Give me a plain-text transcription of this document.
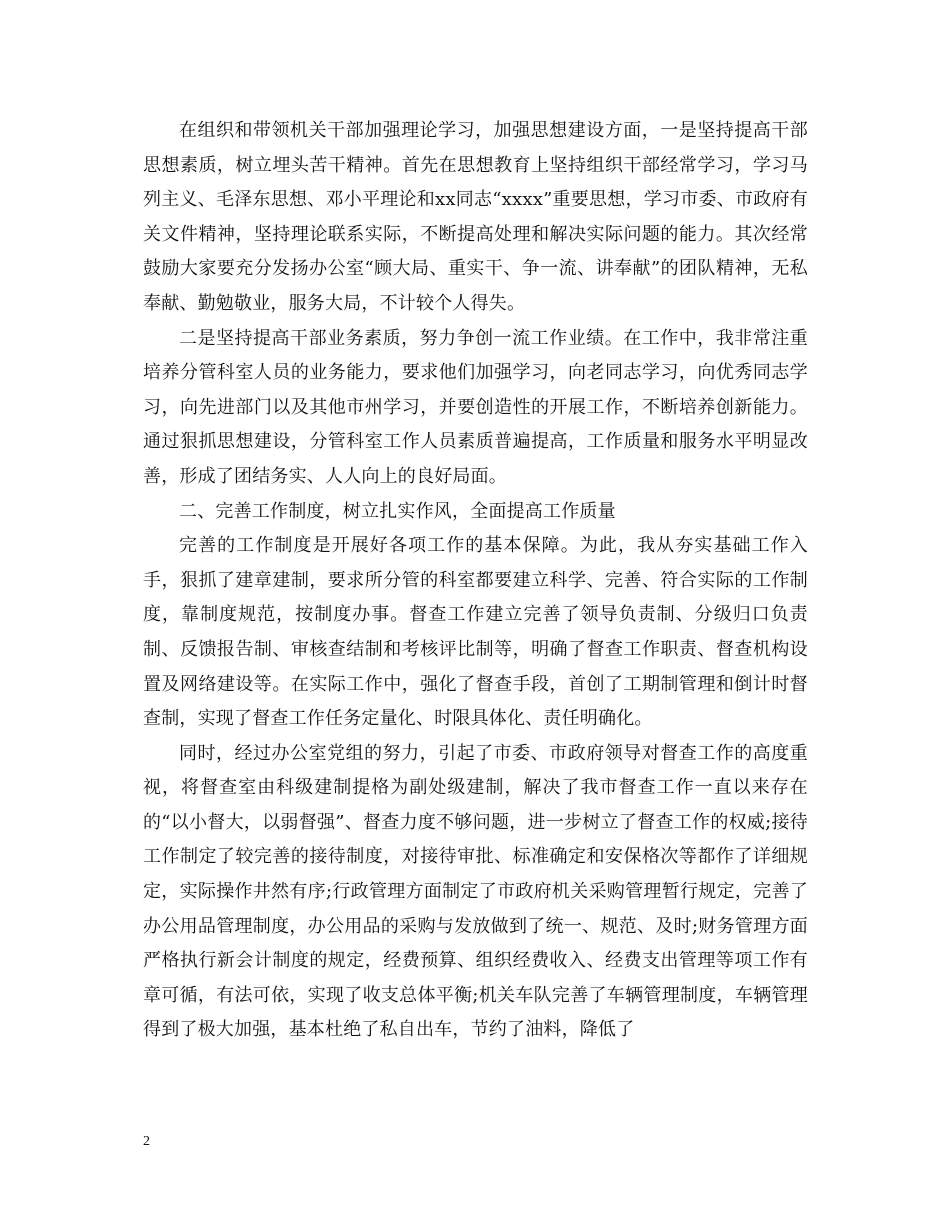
在组织和带领机关干部加强理论学习，加强思想建设方面，一是坚持提高干部思想素质，树立埋头苦干精神。首先在思想教育上坚持组织干部经常学习，学习马列主义、毛泽东思想、邓小平理论和xx同志“xxxx”重要思想，学习市委、市政府有关文件精神，坚持理论联系实际，不断提高处理和解决实际问题的能力。其次经常鼓励大家要充分发扬办公室“顾大局、重实干、争一流、讲奉献”的团队精神，无私奉献、勤勉敬业，服务大局，不计较个人得失。

二是坚持提高干部业务素质，努力争创一流工作业绩。在工作中，我非常注重培养分管科室人员的业务能力，要求他们加强学习，向老同志学习，向优秀同志学习，向先进部门以及其他市州学习，并要创造性的开展工作，不断培养创新能力。通过狠抓思想建设，分管科室工作人员素质普遍提高，工作质量和服务水平明显改善，形成了团结务实、人人向上的良好局面。

二、完善工作制度，树立扎实作风，全面提高工作质量

完善的工作制度是开展好各项工作的基本保障。为此，我从夯实基础工作入手，狠抓了建章建制，要求所分管的科室都要建立科学、完善、符合实际的工作制度，靠制度规范，按制度办事。督查工作建立完善了领导负责制、分级归口负责制、反馈报告制、审核查结制和考核评比制等，明确了督查工作职责、督查机构设置及网络建设等。在实际工作中，强化了督查手段，首创了工期制管理和倒计时督查制，实现了督查工作任务定量化、时限具体化、责任明确化。

同时，经过办公室党组的努力，引起了市委、市政府领导对督查工作的高度重视，将督查室由科级建制提格为副处级建制，解决了我市督查工作一直以来存在的“以小督大，以弱督强”、督查力度不够问题，进一步树立了督查工作的权威;接待工作制定了较完善的接待制度，对接待审批、标准确定和安保格次等都作了详细规定，实际操作井然有序;行政管理方面制定了市政府机关采购管理暂行规定，完善了办公用品管理制度，办公用品的采购与发放做到了统一、规范、及时;财务管理方面严格执行新会计制度的规定，经费预算、组织经费收入、经费支出管理等项工作有章可循，有法可依，实现了收支总体平衡;机关车队完善了车辆管理制度，车辆管理得到了极大加强，基本杜绝了私自出车，节约了油料，降低了

2
